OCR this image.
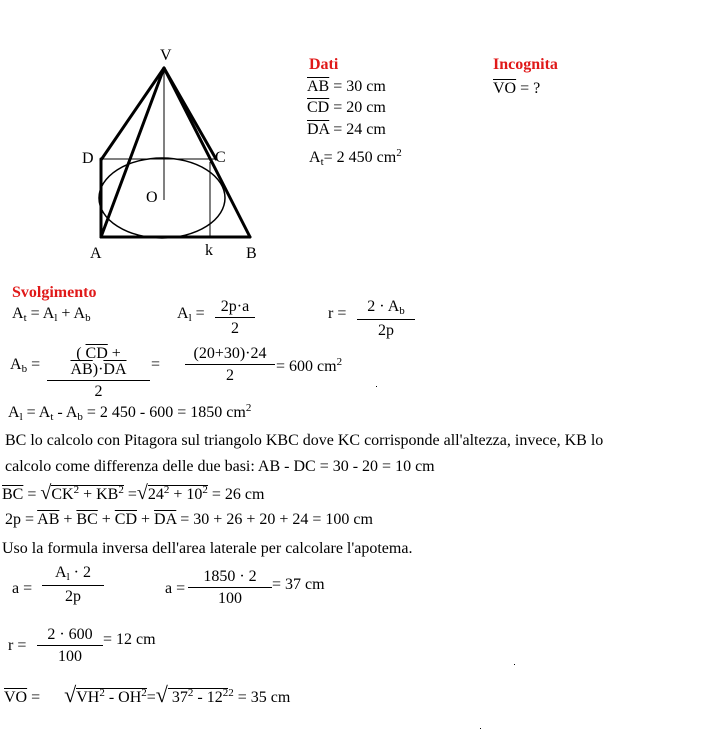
V
D	C
O
A	k B
Dati
$\overline{AB} = 30$ cm
$\overline{CD} = 20$ cm
$\overline{DA} = 24$ cm
$A_t= 2$ 450 $cm^2$
Incognita
$\overline{VO}$ = ?
Svolgimento
$A_t = A_l + A_b$	$A_l$ =	2p·a
2
r =	$2 \cdot A_b$
2p
$A_b$ =
( $\overline{CD} + \overline{AB})\cdot\overline{DA}$
2
=
(20+30)·24
2
= 600 $cm^2$
$A_l = A_t - A_b = 2$ 450 - 600 = 1850 $cm^2$
BC lo calcolo con Pitagora sul triangolo KBC dove KC corrisponde all'altezza, invece, KB lo
calcolo come differenza delle due basi: AB - DC = 30 - 20 = 10 cm
$\overline{BC} = √CK^2 + \overline{KB}^2 =√24^2 + 10^2 = 26$ cm
$2p = \overline{AB} + \overline{BC} + \overline{CD} + \overline{DA} = 30 + 26 + 20 + 24 = 100$ cm
Uso la formula inversa dell'area laterale per calcolare l'apotema.
a =
$A_l \cdot 2$
2p	a =
1850 · 2
100
= 37 cm
r =
2 · 600
100
= 12 cm
$\overline{VO} = √VH^2 - \overline{OH}^2=√$ $37^2 - 12^{22} = 35$ cm
